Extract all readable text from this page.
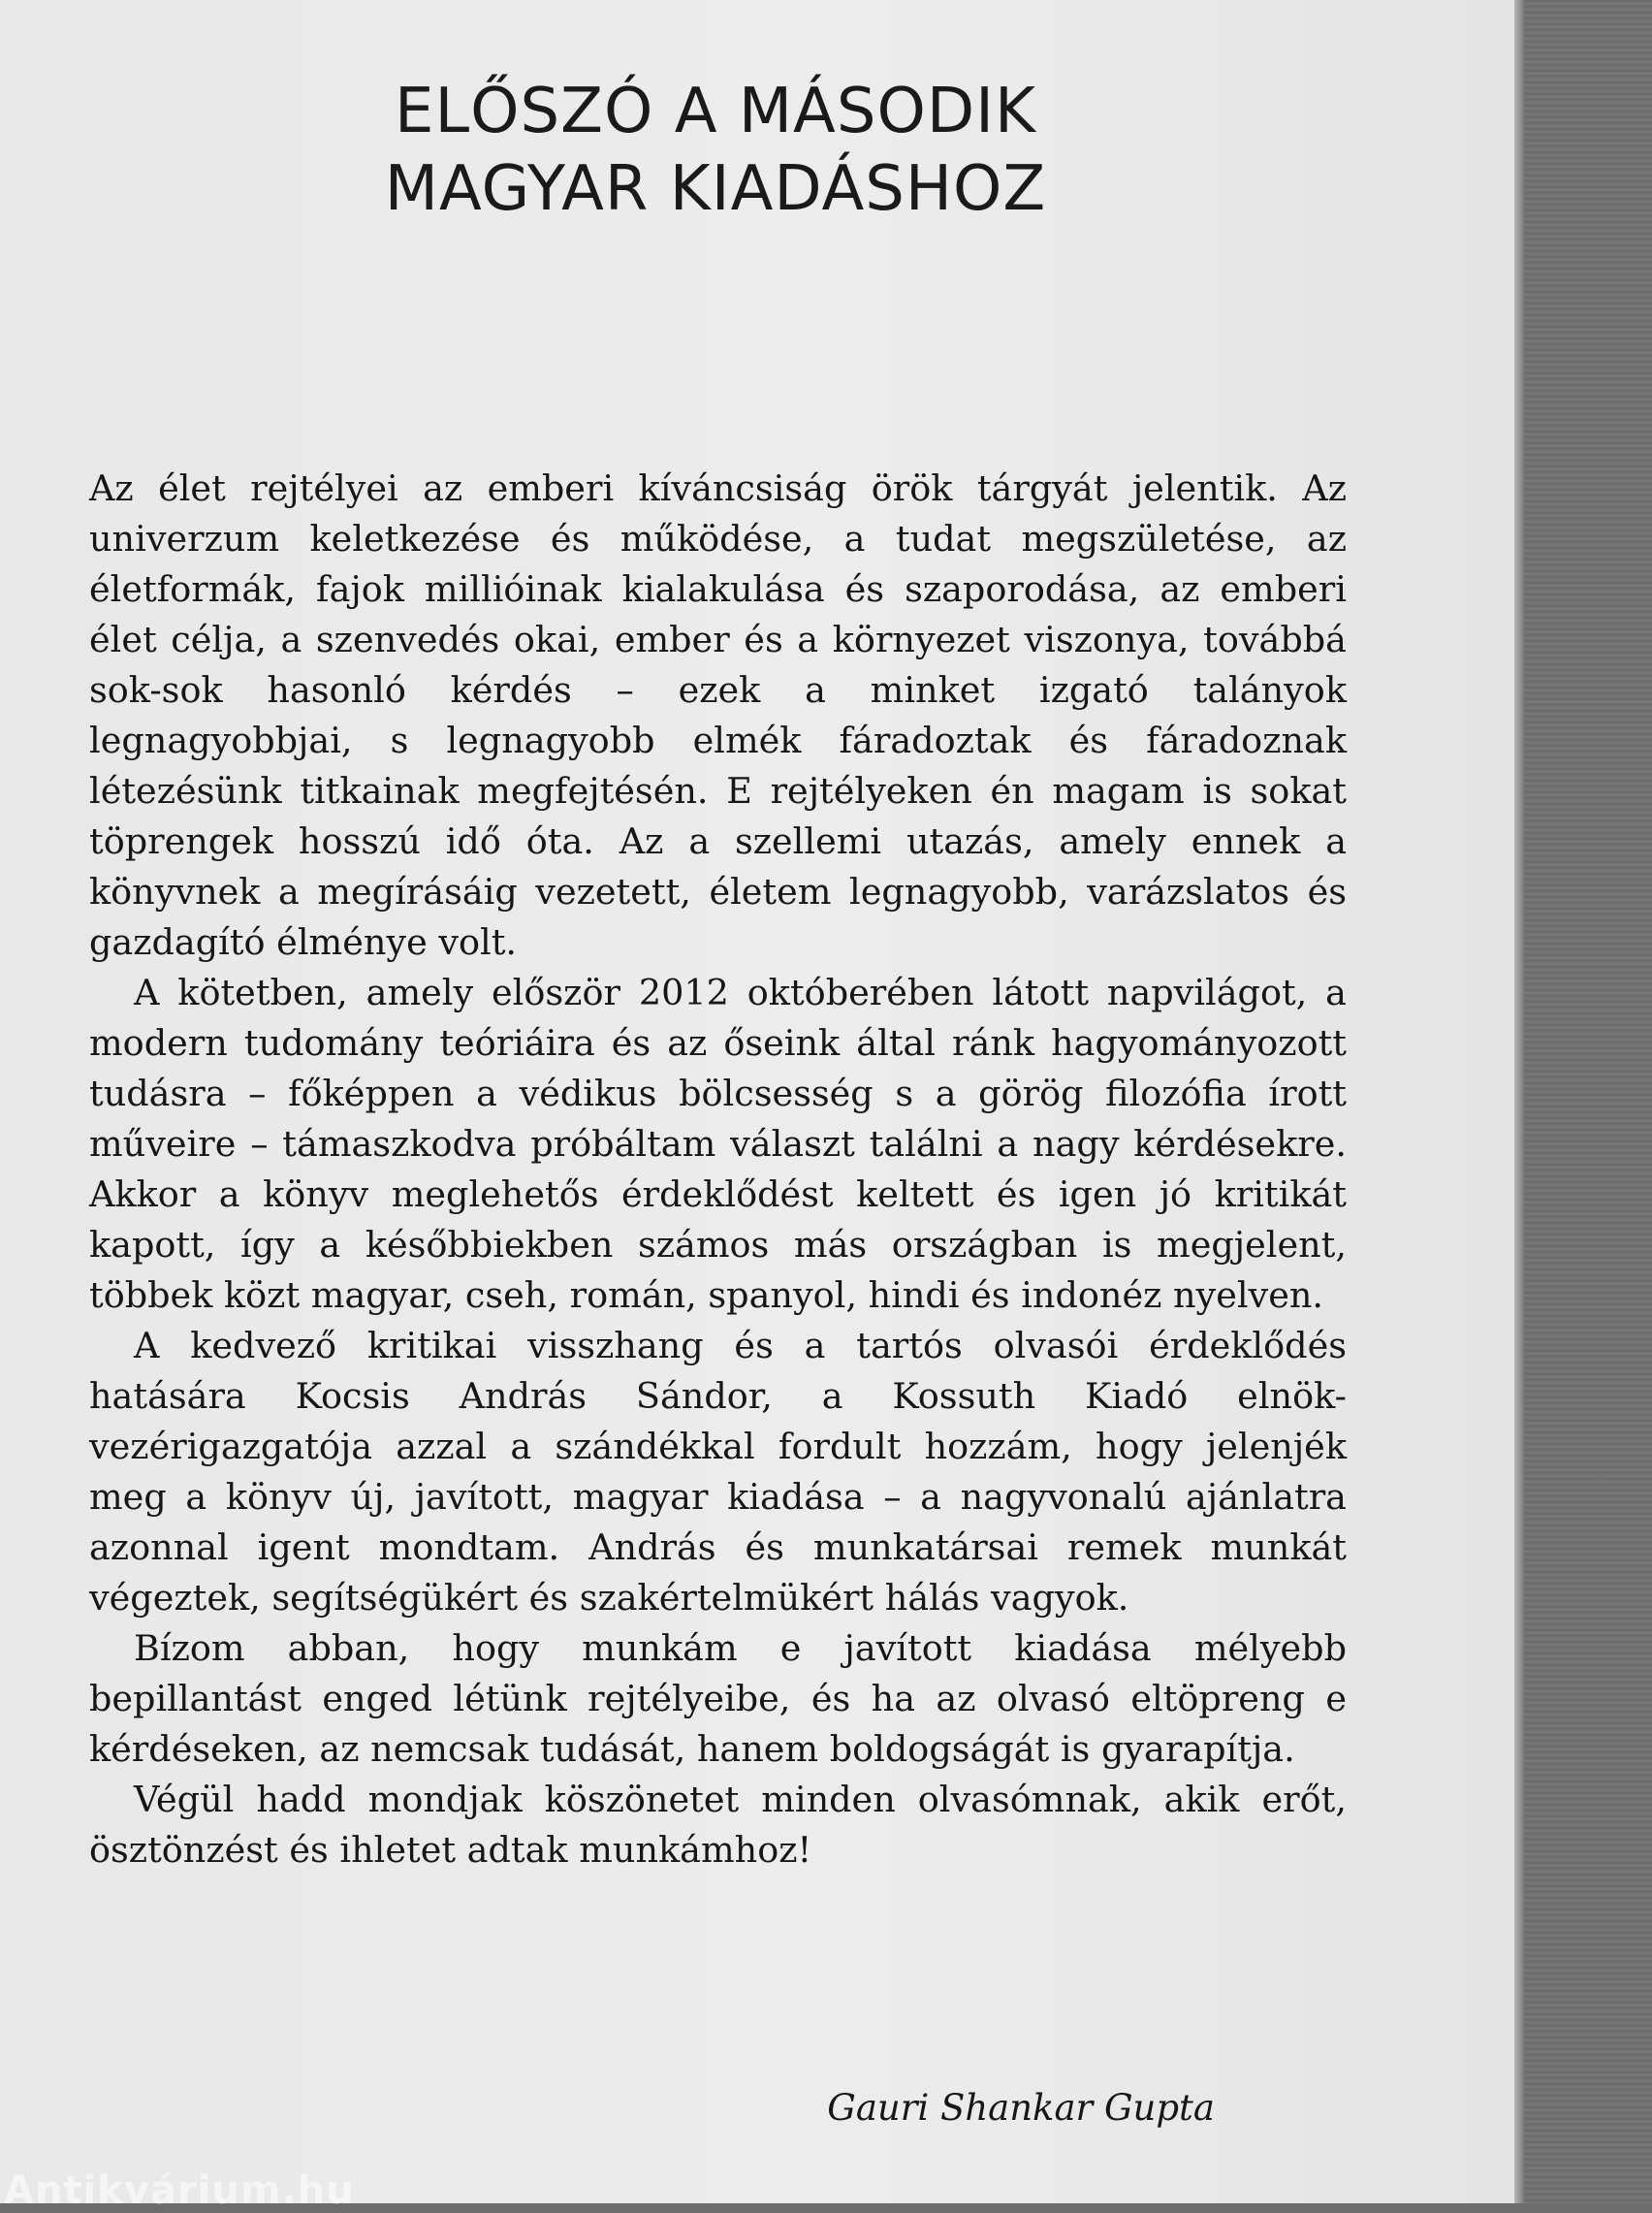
ELŐSZÓ A MÁSODIK
MAGYAR KIADÁSHOZ

Az élet rejtélyei az emberi kíváncsiság örök tárgyát jelentik. Az univerzum keletkezése és működése, a tudat megszületése, az életformák, fajok millióinak kialakulása és szaporodása, az emberi élet célja, a szenvedés okai, ember és a környezet viszonya, továbbá sok-sok hasonló kérdés – ezek a minket izgató talányok legnagyobbjai, s legnagyobb elmék fáradoztak és fáradoznak létezésünk titkainak megfejtésén. E rejtélyeken én magam is sokat töprengek hosszú idő óta. Az a szellemi utazás, amely ennek a könyvnek a megírásáig vezetett, életem legnagyobb, varázslatos és gazdagító élménye volt.

A kötetben, amely először 2012 októberében látott napvilágot, a modern tudomány teóriáira és az őseink által ránk hagyományozott tudásra – főképpen a védikus bölcsesség s a görög filozófia írott műveire – támaszkodva próbáltam választ találni a nagy kérdésekre. Akkor a könyv meglehetős érdeklődést keltett és igen jó kritikát kapott, így a későbbiekben számos más országban is megjelent, többek közt magyar, cseh, román, spanyol, hindi és indonéz nyelven.

A kedvező kritikai visszhang és a tartós olvasói érdeklődés hatására Kocsis András Sándor, a Kossuth Kiadó elnök-vezérigazgatója azzal a szándékkal fordult hozzám, hogy jelenjék meg a könyv új, javított, magyar kiadása – a nagyvonalú ajánlatra azonnal igent mondtam. András és munkatársai remek munkát végeztek, segítségükért és szakértelmükért hálás vagyok.

Bízom abban, hogy munkám e javított kiadása mélyebb bepillantást enged létünk rejtélyeibe, és ha az olvasó eltöpreng e kérdéseken, az nemcsak tudását, hanem boldogságát is gyarapítja.

Végül hadd mondjak köszönetet minden olvasómnak, akik erőt, ösztönzést és ihletet adtak munkámhoz!

Gauri Shankar Gupta
Antikvárium.hu
